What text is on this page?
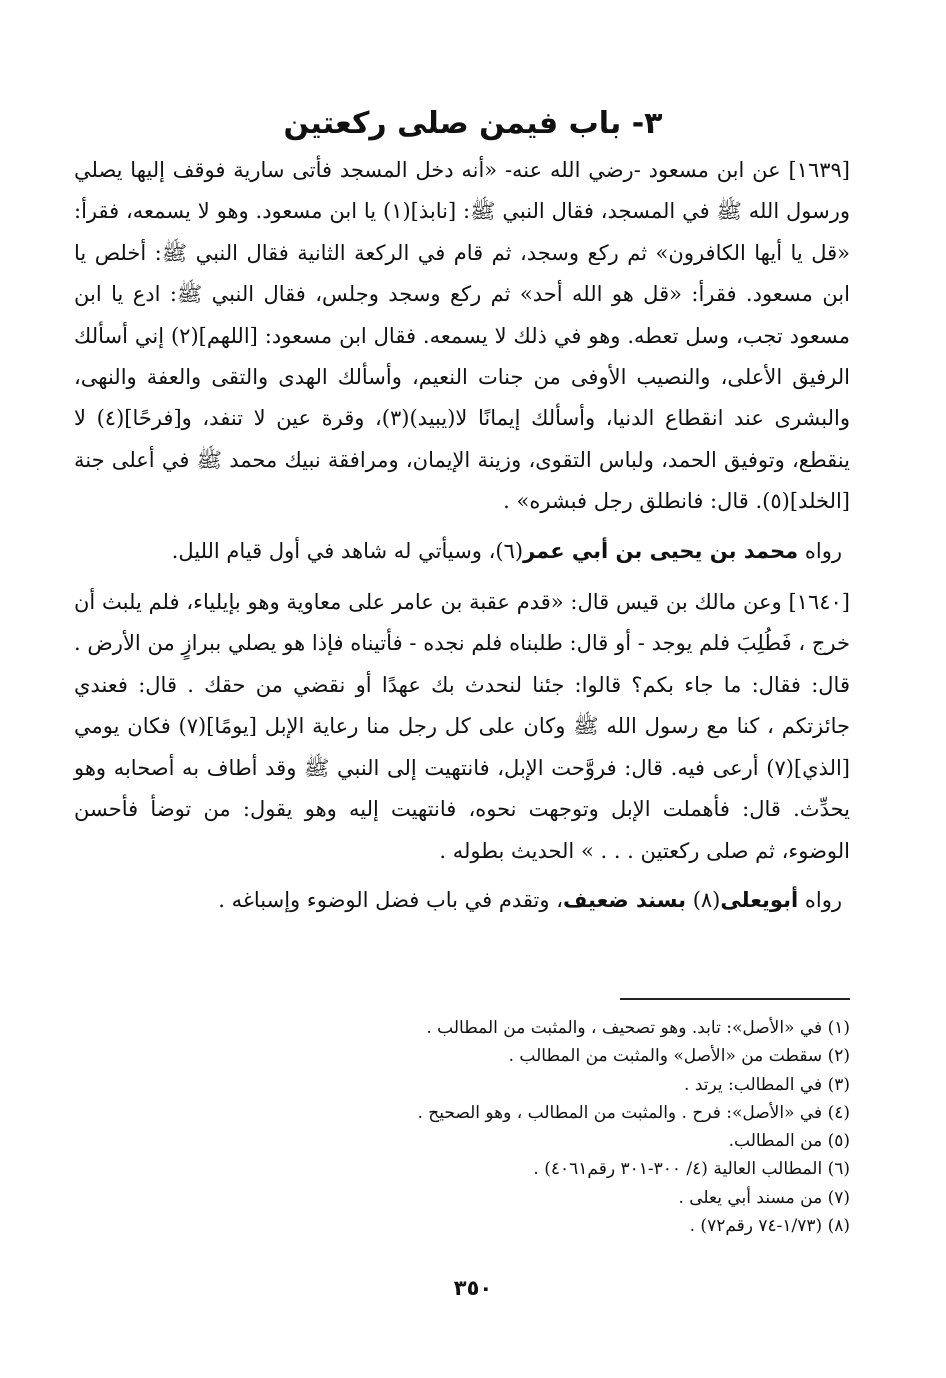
٣- باب فيمن صلى ركعتين

[١٦٣٩] عن ابن مسعود -رضي الله عنه- «أنه دخل المسجد فأتى سارية فوقف إليها يصلي ورسول الله ﷺ في المسجد، فقال النبي ﷺ: [نابذ](١) يا ابن مسعود. وهو لا يسمعه، فقرأ: «قل يا أيها الكافرون» ثم ركع وسجد، ثم قام في الركعة الثانية فقال النبي ﷺ: أخلص يا ابن مسعود. فقرأ: «قل هو الله أحد» ثم ركع وسجد وجلس، فقال النبي ﷺ: ادع يا ابن مسعود تجب، وسل تعطه. وهو في ذلك لا يسمعه. فقال ابن مسعود: [اللهم](٢) إني أسألك الرفيق الأعلى، والنصيب الأوفى من جنات النعيم، وأسألك الهدى والتقى والعفة والنهى، والبشرى عند انقطاع الدنيا، وأسألك إيمانًا لا(يبيد)(٣)، وقرة عين لا تنفد، و[فرحًا](٤) لا ينقطع، وتوفيق الحمد، ولباس التقوى، وزينة الإيمان، ومرافقة نبيك محمد ﷺ في أعلى جنة [الخلد](٥). قال: فانطلق رجل فبشره» .

رواه محمد بن يحيى بن أبي عمر(٦)، وسيأتي له شاهد في أول قيام الليل.

[١٦٤٠] وعن مالك بن قيس قال: «قدم عقبة بن عامر على معاوية وهو بإيلياء، فلم يلبث أن خرج ، فَطُلِبَ فلم يوجد - أو قال: طلبناه فلم نجده - فأتيناه فإذا هو يصلي ببرازٍ من الأرض . قال: فقال: ما جاء بكم؟ قالوا: جئنا لنحدث بك عهدًا أو نقضي من حقك . قال: فعندي جائزتكم ، كنا مع رسول الله ﷺ وكان على كل رجل منا رعاية الإبل [يومًا](٧) فكان يومي [الذي](٧) أرعى فيه. قال: فروَّحت الإبل، فانتهيت إلى النبي ﷺ وقد أطاف به أصحابه وهو يحدِّث. قال: فأهملت الإبل وتوجهت نحوه، فانتهيت إليه وهو يقول: من توضأ فأحسن الوضوء، ثم صلى ركعتين . . . » الحديث بطوله .

رواه أبويعلى(٨) بسند ضعيف، وتقدم في باب فضل الوضوء وإسباغه .

(١) في «الأصل»: تابد. وهو تصحيف ، والمثبت من المطالب .

(٢) سقطت من «الأصل» والمثبت من المطالب .

(٣) في المطالب: يرتد .

(٤) في «الأصل»: فرح . والمثبت من المطالب ، وهو الصحيح .

(٥) من المطالب.

(٦) المطالب العالية (٤/ ٣٠٠-٣٠١ رقم٤٠٦١) .

(٧) من مسند أبي يعلى .

(٨) (١/٧٣-٧٤ رقم٧٢) .

٣٥٠
